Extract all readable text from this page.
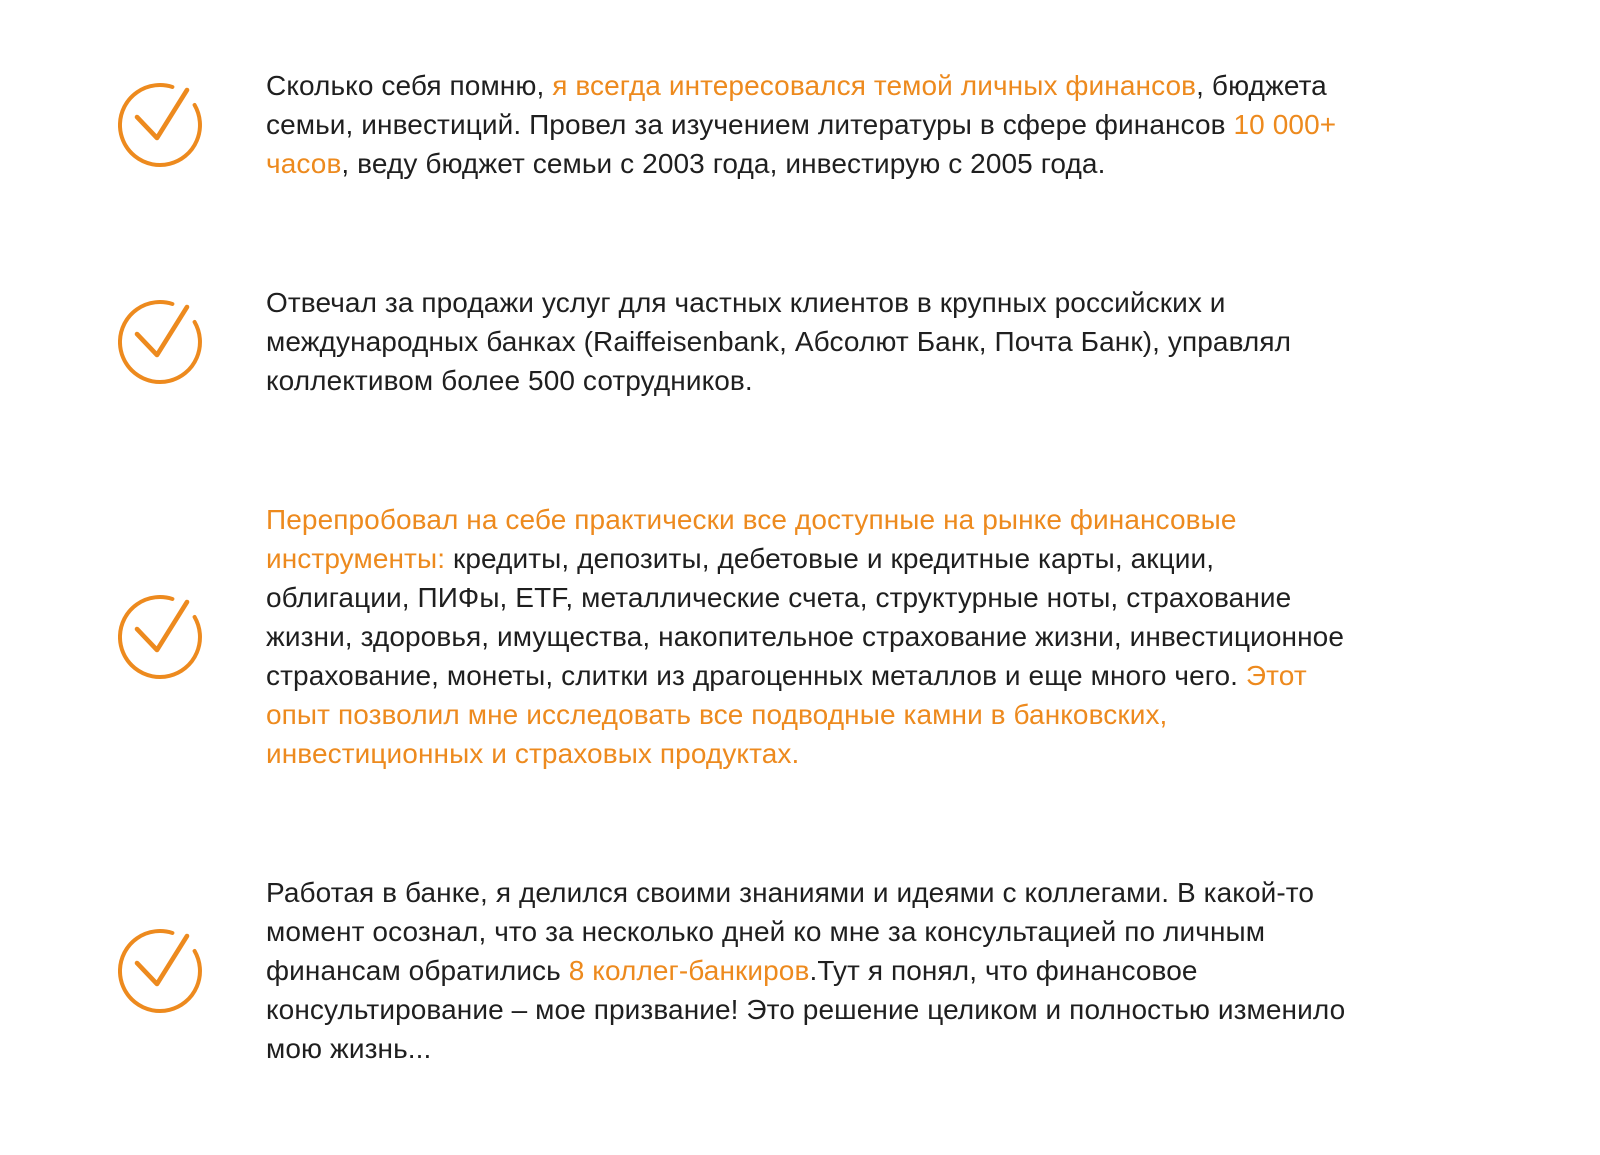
Сколько себя помню, я всегда интересовался темой личных финансов, бюджета семьи, инвестиций. Провел за изучением литературы в сфере финансов 10 000+ часов, веду бюджет семьи с 2003 года, инвестирую с 2005 года.

Отвечал за продажи услуг для частных клиентов в крупных российских и международных банках (Raiffeisenbank, Абсолют Банк, Почта Банк), управлял коллективом более 500 сотрудников.

Перепробовал на себе практически все доступные на рынке финансовые инструменты: кредиты, депозиты, дебетовые и кредитные карты, акции, облигации, ПИФы, ETF, металлические счета, структурные ноты, страхование жизни, здоровья, имущества, накопительное страхование жизни, инвестиционное страхование, монеты, слитки из драгоценных металлов и еще много чего. Этот опыт позволил мне исследовать все подводные камни в банковских, инвестиционных и страховых продуктах.

Работая в банке, я делился своими знаниями и идеями с коллегами. В какой-то момент осознал, что за несколько дней ко мне за консультацией по личным финансам обратились 8 коллег-банкиров.Тут я понял, что финансовое консультирование – мое призвание! Это решение целиком и полностью изменило мою жизнь...
